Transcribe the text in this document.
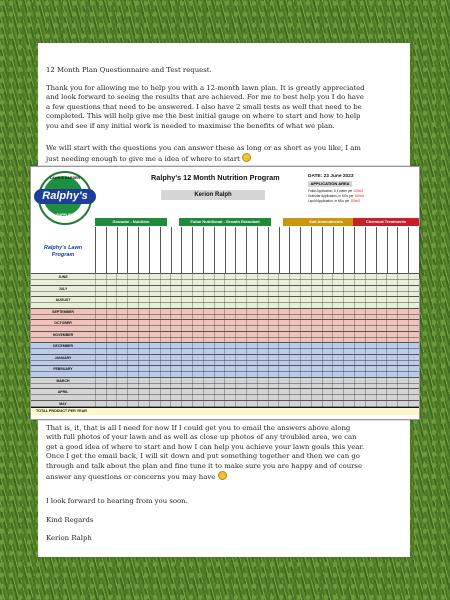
12 Month Plan Questionnaire and Test request.
Thank you for allowing me to help you with a 12-month lawn plan. It is greatly appreciated and look forward to seeing the results that are achieved. For me to best help you I do have a few questions that need to be answered. I also have 2 small tests as well that need to be completed. This will help give me the best initial gauge on where to start and how to help you and see if any initial work is needed to maximise the benefits of what we plan.
We will start with the questions you can answer these as long or as short as you like, I am just needing enough to give me a idea of where to start
LAWN & GARDEN
Ralphy's
SUPPLIES
Ralphy's 12 Month Nutrition Program
Kerion Ralph
DATE: 23 June 2023
APPLICATION AREA
Foliar Application, 5 l/ water per 100m2
Granular Application, in KGs per 100m2
Liquid Application, in MLs per 100m2
Granular - Nutrition	Foliar Nutritional - Growth Retardant	Soil Amendments	Chemical Treatments
Ralphy's Lawn Program
JUNE
JULY
AUGUST
SEPTEMBER
OCTOBER
NOVEMBER
DECEMBER
JANUARY
FEBRUARY
MARCH
APRIL
MAY
TOTAL PRODUCT PER YEAR
That is, it, that is all I need for now If I could get you to email the answers above along with full photos of your lawn and as well as close up photos of any troubled area, we can get a good idea of where to start and how I can help you achieve your lawn goals this year. Once I get the email back, I will sit down and put something together and then we can go through and talk about the plan and fine tune it to make sure you are happy and of course answer any questions or concerns you may have
I look forward to hearing from you soon.
Kind Regards
Kerion Ralph
